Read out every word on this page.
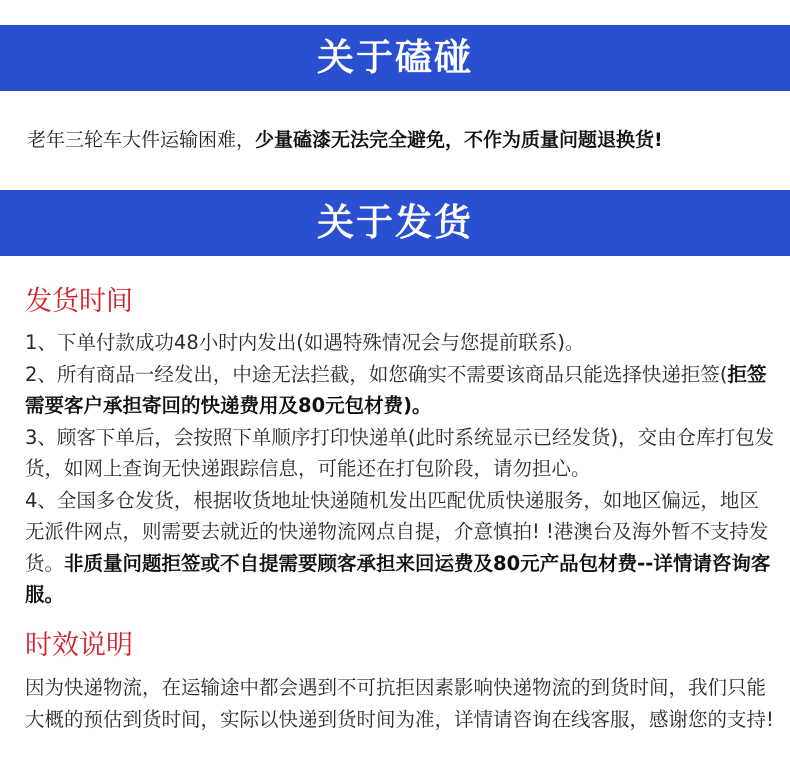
关于磕碰
老年三轮车大件运输困难，少量磕漆无法完全避免，不作为质量问题退换货!
关于发货
发货时间

1、下单付款成功48小时内发出(如遇特殊情况会与您提前联系)。

2、所有商品一经发出，中途无法拦截，如您确实不需要该商品只能选择快递拒签(拒签需要客户承担寄回的快递费用及80元包材费)。

3、顾客下单后，会按照下单顺序打印快递单(此时系统显示已经发货)，交由仓库打包发货，如网上查询无快递跟踪信息，可能还在打包阶段，请勿担心。

4、全国多仓发货，根据收货地址快递随机发出匹配优质快递服务，如地区偏远，地区无派件网点，则需要去就近的快递物流网点自提，介意慎拍! !港澳台及海外暂不支持发货。非质量问题拒签或不自提需要顾客承担来回运费及80元产品包材费--详情请咨询客服。

时效说明

因为快递物流，在运输途中都会遇到不可抗拒因素影响快递物流的到货时间，我们只能大概的预估到货时间，实际以快递到货时间为准，详情请咨询在线客服，感谢您的支持!
